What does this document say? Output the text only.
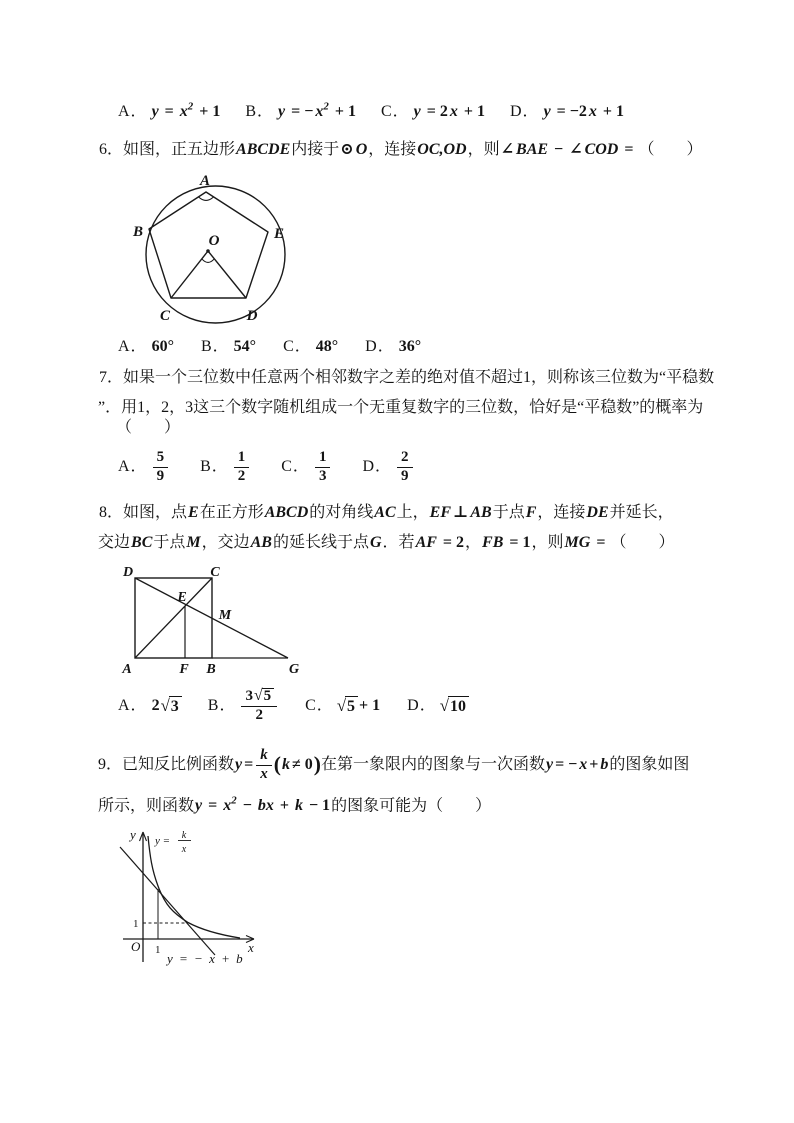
A． $y = x^2 + 1$ B． y = − $x^2 + 1$ C． y = 2 x + 1 D． y = −2 x + 1
6．如图，正五边形ABCDE内接于⊙ O，连接OC,OD，则∠ BAE − ∠ COD = （　　）
A
B	E
C	D
O
A． 60° B． 54° C． 48° D． 36°
7．如果一个三位数中任意两个相邻数字之差的绝对值不超过1，则称该三位数为“平稳数
”．用1，2，3这三个数字随机组成一个无重复数字的三位数，恰好是“平稳数”的概率为
（　　）
A． $\frac{5}{9}$ B． $\frac{1}{2}$ C． $\frac{1}{3}$ D． $\frac{2}{9}$
8．如图，点E在正方形ABCD的对角线AC上，EF ⊥ AB于点F，连接DE并延长，
交边BC于点M，交边AB的延长线于点G．若AF = 2，FB = 1，则MG = （　　）
D	C
E
M
A	F B	G
A． 2 √3 B． $\frac{3√5}{2}$ C． √5 + 1 D． √10
9．已知反比例函数 $y = \frac{k}{x}$ ( k ≠ 0 ) 在第一象限内的图象与一次函数 y = − x + b 的图象如图
所示，则函数$y = x^2$ − bx + k − 1的图象可能为（　　）
y
x
O
1
1
y = k
x
y = − x + b
